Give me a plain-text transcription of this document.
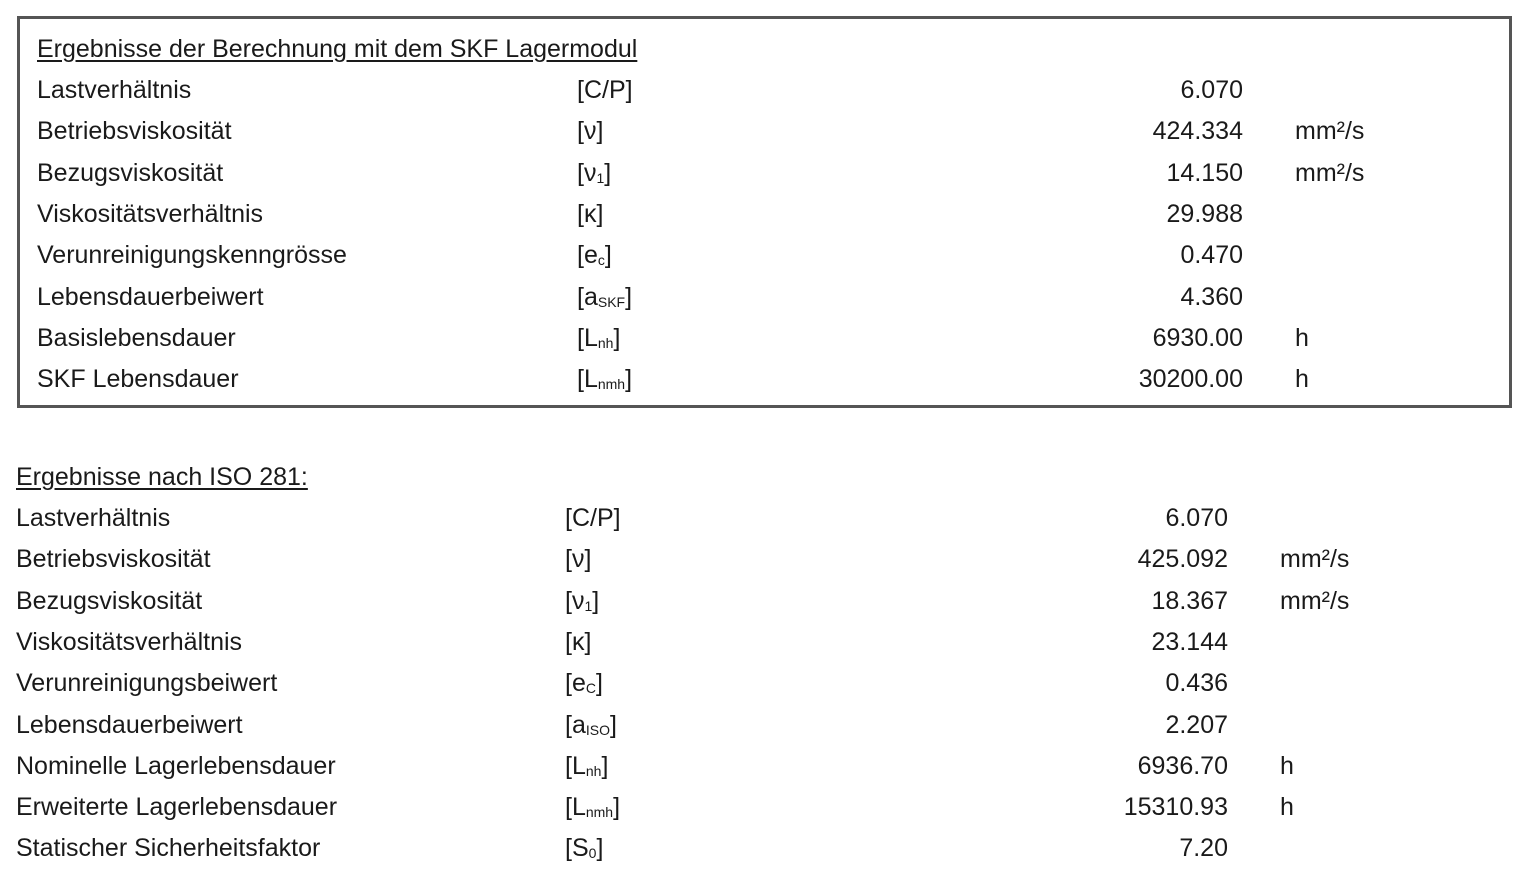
Ergebnisse der Berechnung mit dem SKF Lagermodul
Lastverhältnis	[C/P]	6.070
Betriebsviskosität	[ν]	424.334 mm²/s
Bezugsviskosität	[ν1]	14.150 mm²/s
Viskositätsverhältnis	[κ]	29.988
Verunreinigungskenngrösse	[ec]	0.470
Lebensdauerbeiwert	[aSKF]	4.360
Basislebensdauer	[Lnh]	6930.00 h
SKF Lebensdauer	[Lnmh]	30200.00 h
Ergebnisse nach ISO 281:
Lastverhältnis	[C/P]	6.070
Betriebsviskosität	[ν]	425.092 mm²/s
Bezugsviskosität	[ν1]	18.367 mm²/s
Viskositätsverhältnis	[κ]	23.144
Verunreinigungsbeiwert	[eC]	0.436
Lebensdauerbeiwert	[aISO]	2.207
Nominelle Lagerlebensdauer	[Lnh]	6936.70 h
Erweiterte Lagerlebensdauer	[Lnmh]	15310.93 h
Statischer Sicherheitsfaktor	[S0]	7.20
